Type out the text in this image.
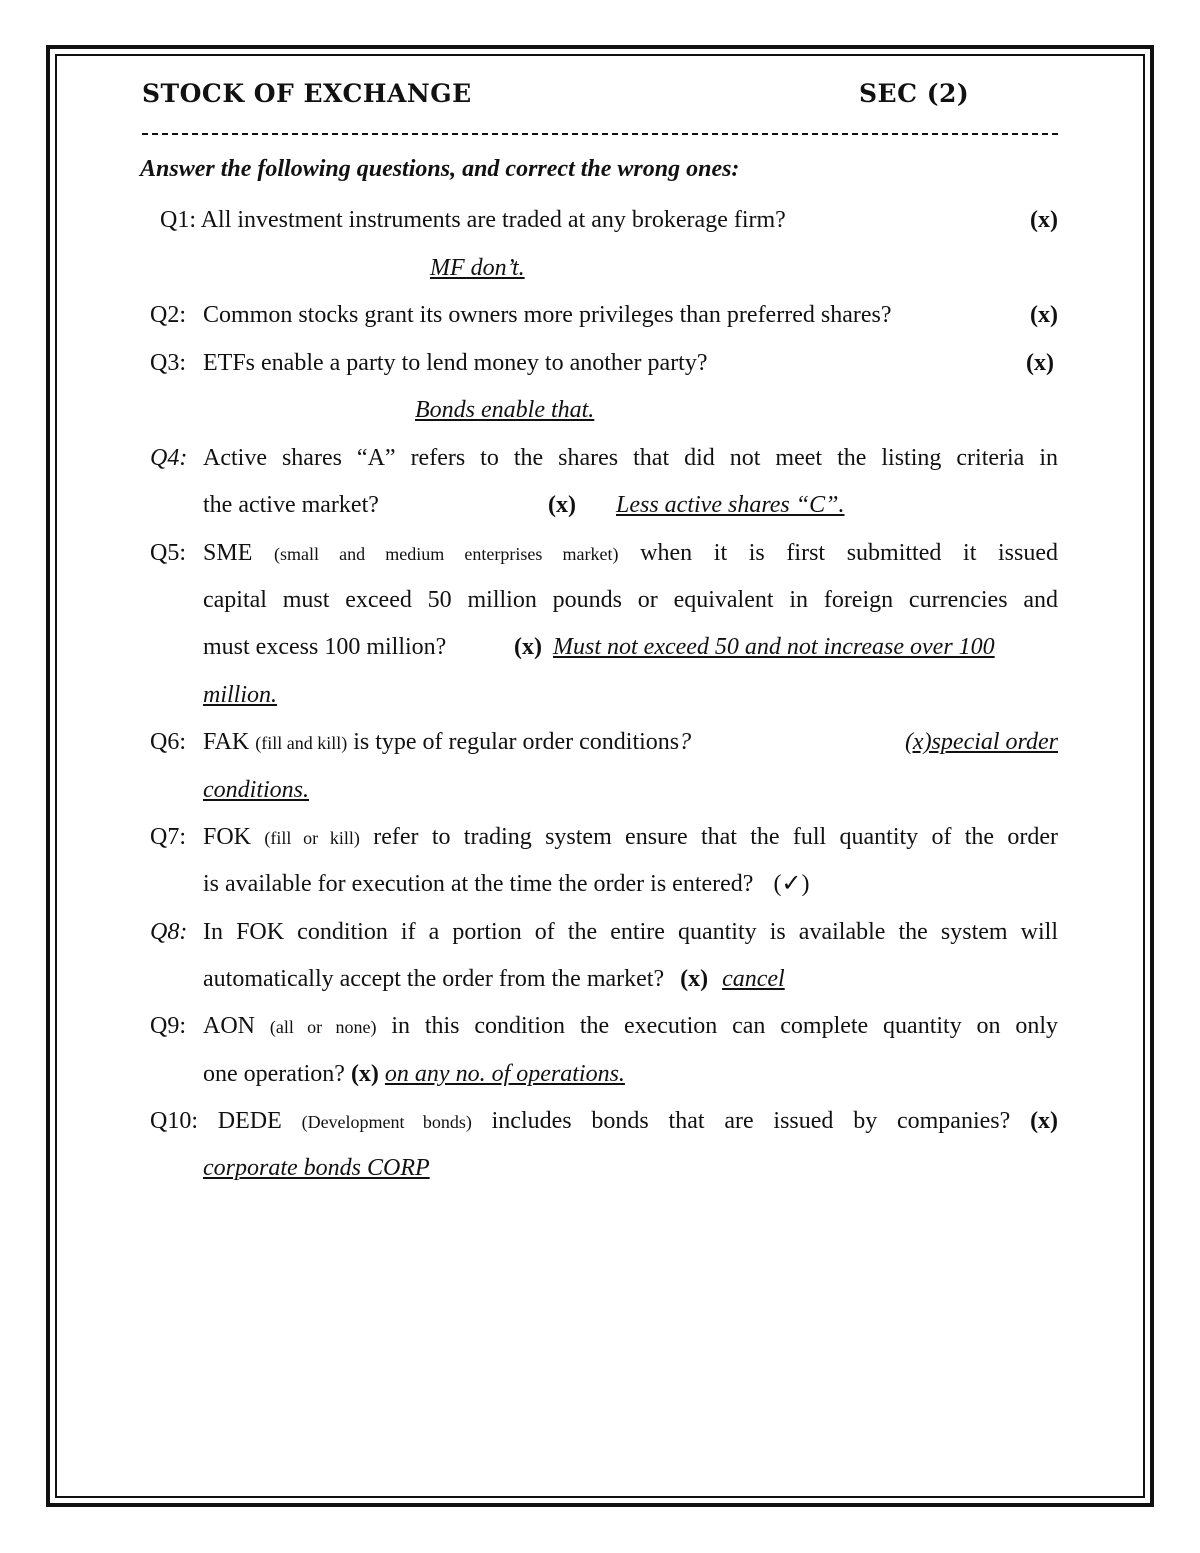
STOCK OF EXCHANGE	SEC (2)
Answer the following questions, and correct the wrong ones:
Q1: All investment instruments are traded at any brokerage firm?	(x)
MF don’t.
Q2: Common stocks grant its owners more privileges than preferred shares?	(x)
Q3: ETFs enable a party to lend money to another party?	(x)
Bonds enable that.
Q4: Active shares “A” refers to the shares that did not meet the listing criteria in
the active market?	(x) Less active shares “C”.
Q5: SME (small and medium enterprises market) when it is first submitted it issued
capital must exceed 50 million pounds or equivalent in foreign currencies and
must excess 100 million?	(x) Must not exceed 50 and not increase over 100
million.
Q6: FAK (fill and kill) is type of regular order conditions?	(x)special order
conditions.
Q7: FOK (fill or kill) refer to trading system ensure that the full quantity of the order
is available for execution at the time the order is entered? (✓)
Q8: In FOK condition if a portion of the entire quantity is available the system will
automatically accept the order from the market? (x) cancel
Q9: AON (all or none) in this condition the execution can complete quantity on only
one operation? (x) on any no. of operations.
Q10: DEDE (Development bonds) includes bonds that are issued by companies? (x)
corporate bonds CORP
